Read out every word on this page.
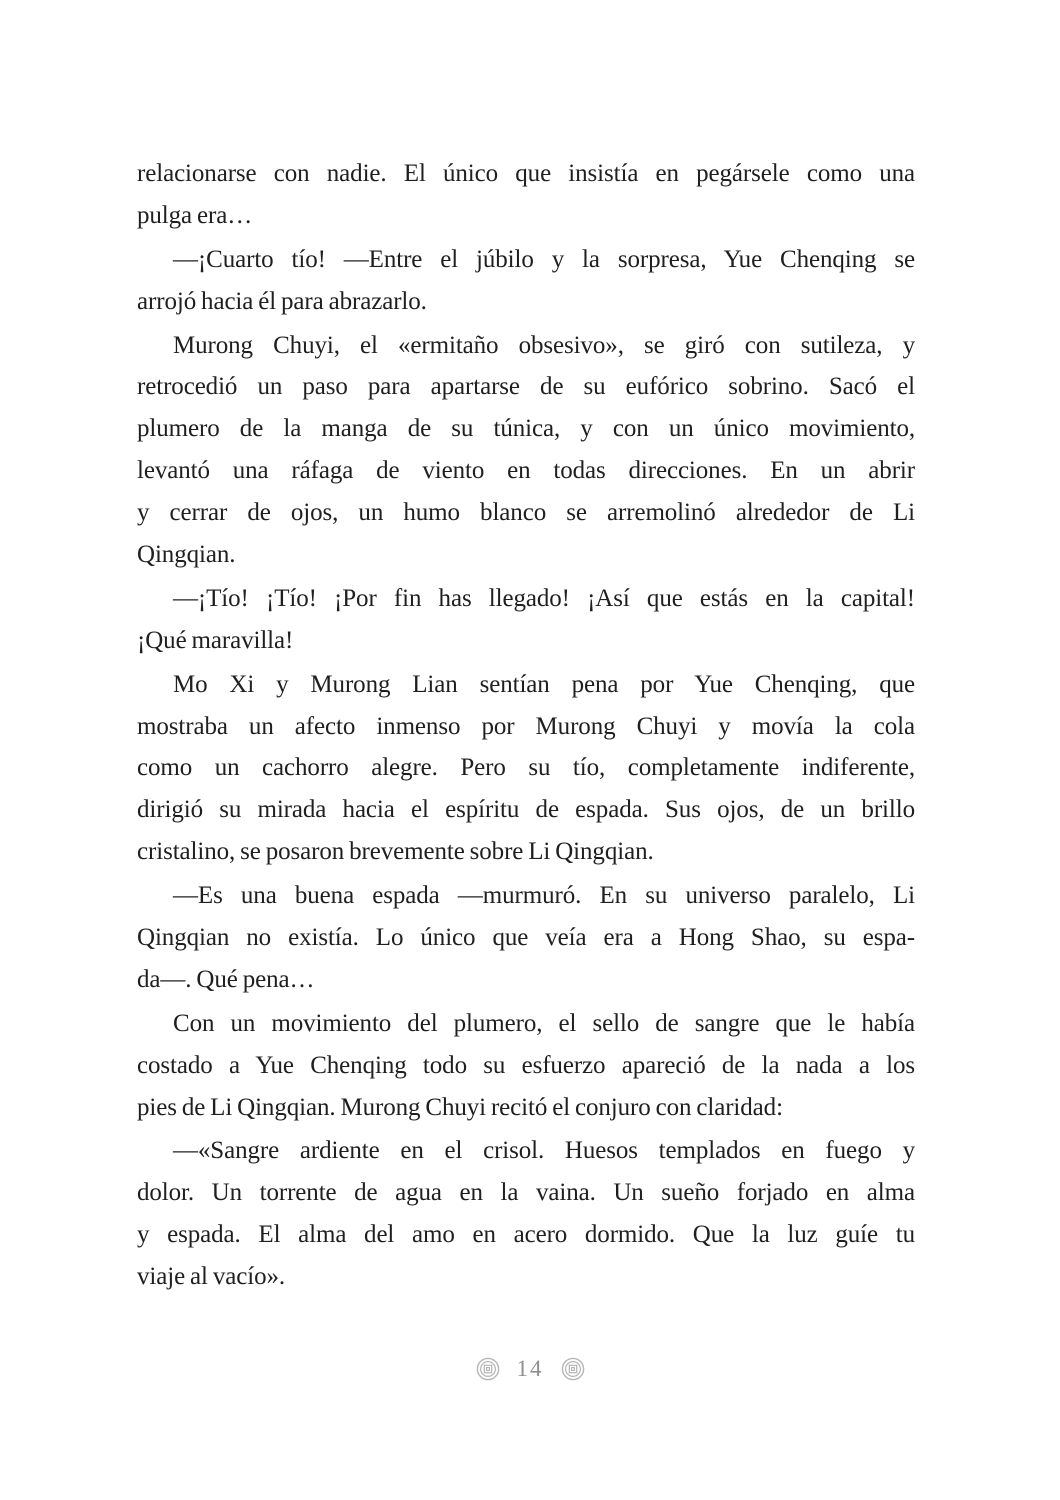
relacionarse con nadie. El único que insistía en pegársele como una
pulga era…
—¡Cuarto tío! —Entre el júbilo y la sorpresa, Yue Chenqing se
arrojó hacia él para abrazarlo.
Murong Chuyi, el «ermitaño obsesivo», se giró con sutileza, y
retrocedió un paso para apartarse de su eufórico sobrino. Sacó el
plumero de la manga de su túnica, y con un único movimiento,
levantó una ráfaga de viento en todas direcciones. En un abrir
y cerrar de ojos, un humo blanco se arremolinó alrededor de Li
Qingqian.
—¡Tío! ¡Tío! ¡Por fin has llegado! ¡Así que estás en la capital!
¡Qué maravilla!
Mo Xi y Murong Lian sentían pena por Yue Chenqing, que
mostraba un afecto inmenso por Murong Chuyi y movía la cola
como un cachorro alegre. Pero su tío, completamente indiferente,
dirigió su mirada hacia el espíritu de espada. Sus ojos, de un brillo
cristalino, se posaron brevemente sobre Li Qingqian.
—Es una buena espada —murmuró. En su universo paralelo, Li
Qingqian no existía. Lo único que veía era a Hong Shao, su espa-
da—. Qué pena…
Con un movimiento del plumero, el sello de sangre que le había
costado a Yue Chenqing todo su esfuerzo apareció de la nada a los
pies de Li Qingqian. Murong Chuyi recitó el conjuro con claridad:
—«Sangre ardiente en el crisol. Huesos templados en fuego y
dolor. Un torrente de agua en la vaina. Un sueño forjado en alma
y espada. El alma del amo en acero dormido. Que la luz guíe tu
viaje al vacío».
14
